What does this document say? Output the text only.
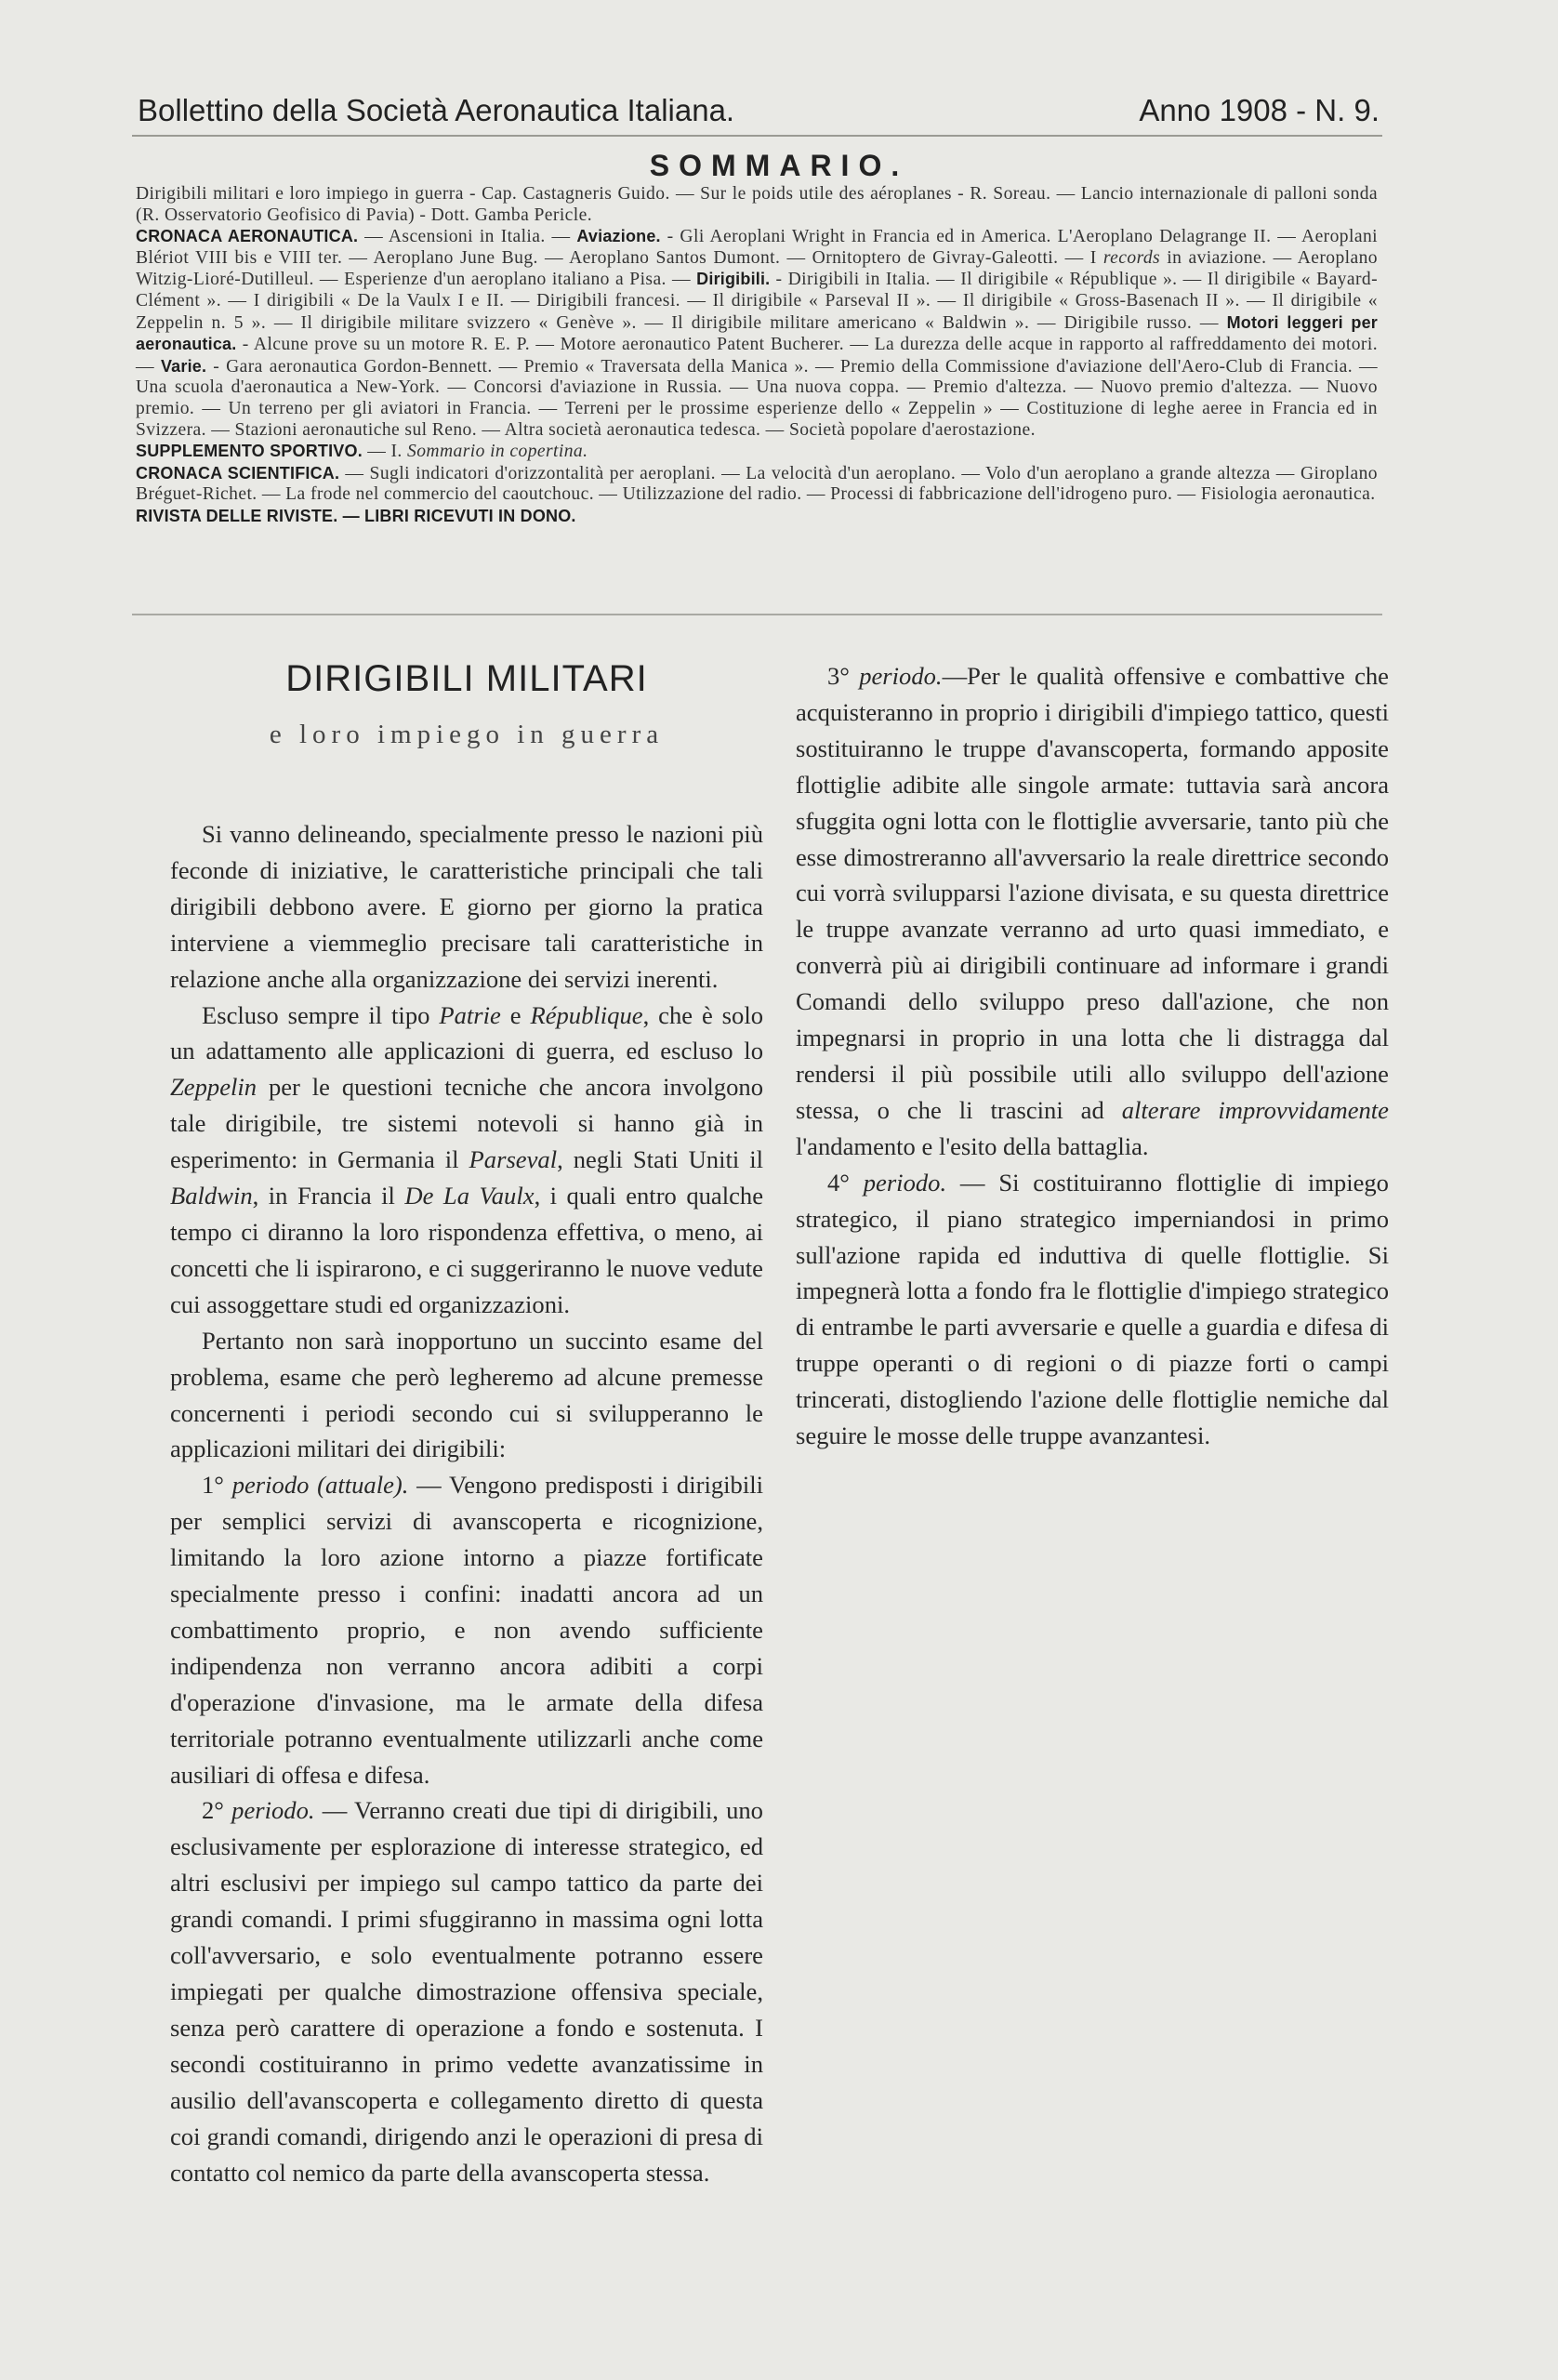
Bollettino della Società Aeronautica Italiana.	Anno 1908 - N. 9.
SOMMARIO.

Dirigibili militari e loro impiego in guerra - Cap. Castagneris Guido. — Sur le poids utile des aéroplanes - R. Soreau. — Lancio internazionale di palloni sonda (R. Osservatorio Geofisico di Pavia) - Dott. Gamba Pericle.

CRONACA AERONAUTICA. — Ascensioni in Italia. — Aviazione. - Gli Aeroplani Wright in Francia ed in America. L'Aeroplano Delagrange II. — Aeroplani Blériot VIII bis e VIII ter. — Aeroplano June Bug. — Aeroplano Santos Dumont. — Ornitoptero de Givray-Galeotti. — I records in aviazione. — Aeroplano Witzig-Lioré-Dutilleul. — Esperienze d'un aeroplano italiano a Pisa. — Dirigibili. - Dirigibili in Italia. — Il dirigibile « République ». — Il dirigibile « Bayard-Clément ». — I dirigibili « De la Vaulx I e II. — Dirigibili francesi. — Il dirigibile « Parseval II ». — Il dirigibile « Gross-Basenach II ». — Il dirigibile « Zeppelin n. 5 ». — Il dirigibile militare svizzero « Genève ». — Il dirigibile militare americano « Baldwin ». — Dirigibile russo. — Motori leggeri per aeronautica. - Alcune prove su un motore R. E. P. — Motore aeronautico Patent Bucherer. — La durezza delle acque in rapporto al raffreddamento dei motori. — Varie. - Gara aeronautica Gordon-Bennett. — Premio « Traversata della Manica ». — Premio della Commissione d'aviazione dell'Aero-Club di Francia. — Una scuola d'aeronautica a New-York. — Concorsi d'aviazione in Russia. — Una nuova coppa. — Premio d'altezza. — Nuovo premio d'altezza. — Nuovo premio. — Un terreno per gli aviatori in Francia. — Terreni per le prossime esperienze dello « Zeppelin » — Costituzione di leghe aeree in Francia ed in Svizzera. — Stazioni aeronautiche sul Reno. — Altra società aeronautica tedesca. — Società popolare d'aerostazione.

SUPPLEMENTO SPORTIVO. — I. Sommario in copertina.

CRONACA SCIENTIFICA. — Sugli indicatori d'orizzontalità per aeroplani. — La velocità d'un aeroplano. — Volo d'un aeroplano a grande altezza — Giroplano Bréguet-Richet. — La frode nel commercio del caoutchouc. — Utilizzazione del radio. — Processi di fabbricazione dell'idrogeno puro. — Fisiologia aeronautica.

RIVISTA DELLE RIVISTE. — LIBRI RICEVUTI IN DONO.

DIRIGIBILI MILITARI
e loro impiego in guerra

Si vanno delineando, specialmente presso le nazioni più feconde di iniziative, le caratteristiche principali che tali dirigibili debbono avere. E giorno per giorno la pratica interviene a viemmeglio precisare tali caratteristiche in relazione anche alla organizzazione dei servizi inerenti.

Escluso sempre il tipo Patrie e République, che è solo un adattamento alle applicazioni di guerra, ed escluso lo Zeppelin per le questioni tecniche che ancora involgono tale dirigibile, tre sistemi notevoli si hanno già in esperimento: in Germania il Parseval, negli Stati Uniti il Baldwin, in Francia il De La Vaulx, i quali entro qualche tempo ci diranno la loro rispondenza effettiva, o meno, ai concetti che li ispirarono, e ci suggeriranno le nuove vedute cui assoggettare studi ed organizzazioni.

Pertanto non sarà inopportuno un succinto esame del problema, esame che però legheremo ad alcune premesse concernenti i periodi secondo cui si svilupperanno le applicazioni militari dei dirigibili:

1° periodo (attuale). — Vengono predisposti i dirigibili per semplici servizi di avanscoperta e ricognizione, limitando la loro azione intorno a piazze fortificate specialmente presso i confini: inadatti ancora ad un combattimento proprio, e non avendo sufficiente indipendenza non verranno ancora adibiti a corpi d'operazione d'invasione, ma le armate della difesa territoriale potranno eventualmente utilizzarli anche come ausiliari di offesa e difesa.

2° periodo. — Verranno creati due tipi di dirigibili, uno esclusivamente per esplorazione di interesse strategico, ed altri esclusivi per impiego sul campo tattico da parte dei grandi comandi. I primi sfuggiranno in massima ogni lotta coll'avversario, e solo eventualmente potranno essere impiegati per qualche dimostrazione offensiva speciale, senza però carattere di operazione a fondo e sostenuta. I secondi costituiranno in primo vedette avanzatissime in ausilio dell'avanscoperta e collegamento diretto di questa coi grandi comandi, dirigendo anzi le operazioni di presa di contatto col nemico da parte della avanscoperta stessa.

3° periodo.—Per le qualità offensive e combattive che acquisteranno in proprio i dirigibili d'impiego tattico, questi sostituiranno le truppe d'avanscoperta, formando apposite flottiglie adibite alle singole armate: tuttavia sarà ancora sfuggita ogni lotta con le flottiglie avversarie, tanto più che esse dimostreranno all'avversario la reale direttrice secondo cui vorrà svilupparsi l'azione divisata, e su questa direttrice le truppe avanzate verranno ad urto quasi immediato, e converrà più ai dirigibili continuare ad informare i grandi Comandi dello sviluppo preso dall'azione, che non impegnarsi in proprio in una lotta che li distragga dal rendersi il più possibile utili allo sviluppo dell'azione stessa, o che li trascini ad alterare improvvidamente l'andamento e l'esito della battaglia.

4° periodo. — Si costituiranno flottiglie di impiego strategico, il piano strategico imperniandosi in primo sull'azione rapida ed induttiva di quelle flottiglie. Si impegnerà lotta a fondo fra le flottiglie d'impiego strategico di entrambe le parti avversarie e quelle a guardia e difesa di truppe operanti o di regioni o di piazze forti o campi trincerati, distogliendo l'azione delle flottiglie nemiche dal seguire le mosse delle truppe avanzantesi.
